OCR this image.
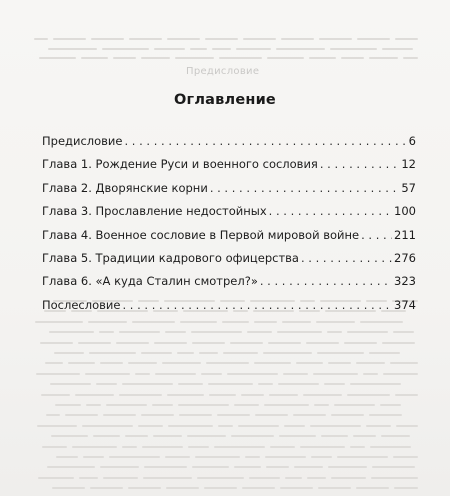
Предисловие
Оглавление
Предисловие . . .	6
Глава 1. Рождение Руси и военного сословия . . .	12
Глава 2. Дворянские корни . . .	57
Глава 3. Прославление недостойных . . .	100
Глава 4. Военное сословие в Первой мировой войне . . .	211
Глава 5. Традиции кадрового офицерства . . .	276
Глава 6. «А куда Сталин смотрел?» . . .	323
Послесловие . . .	374
